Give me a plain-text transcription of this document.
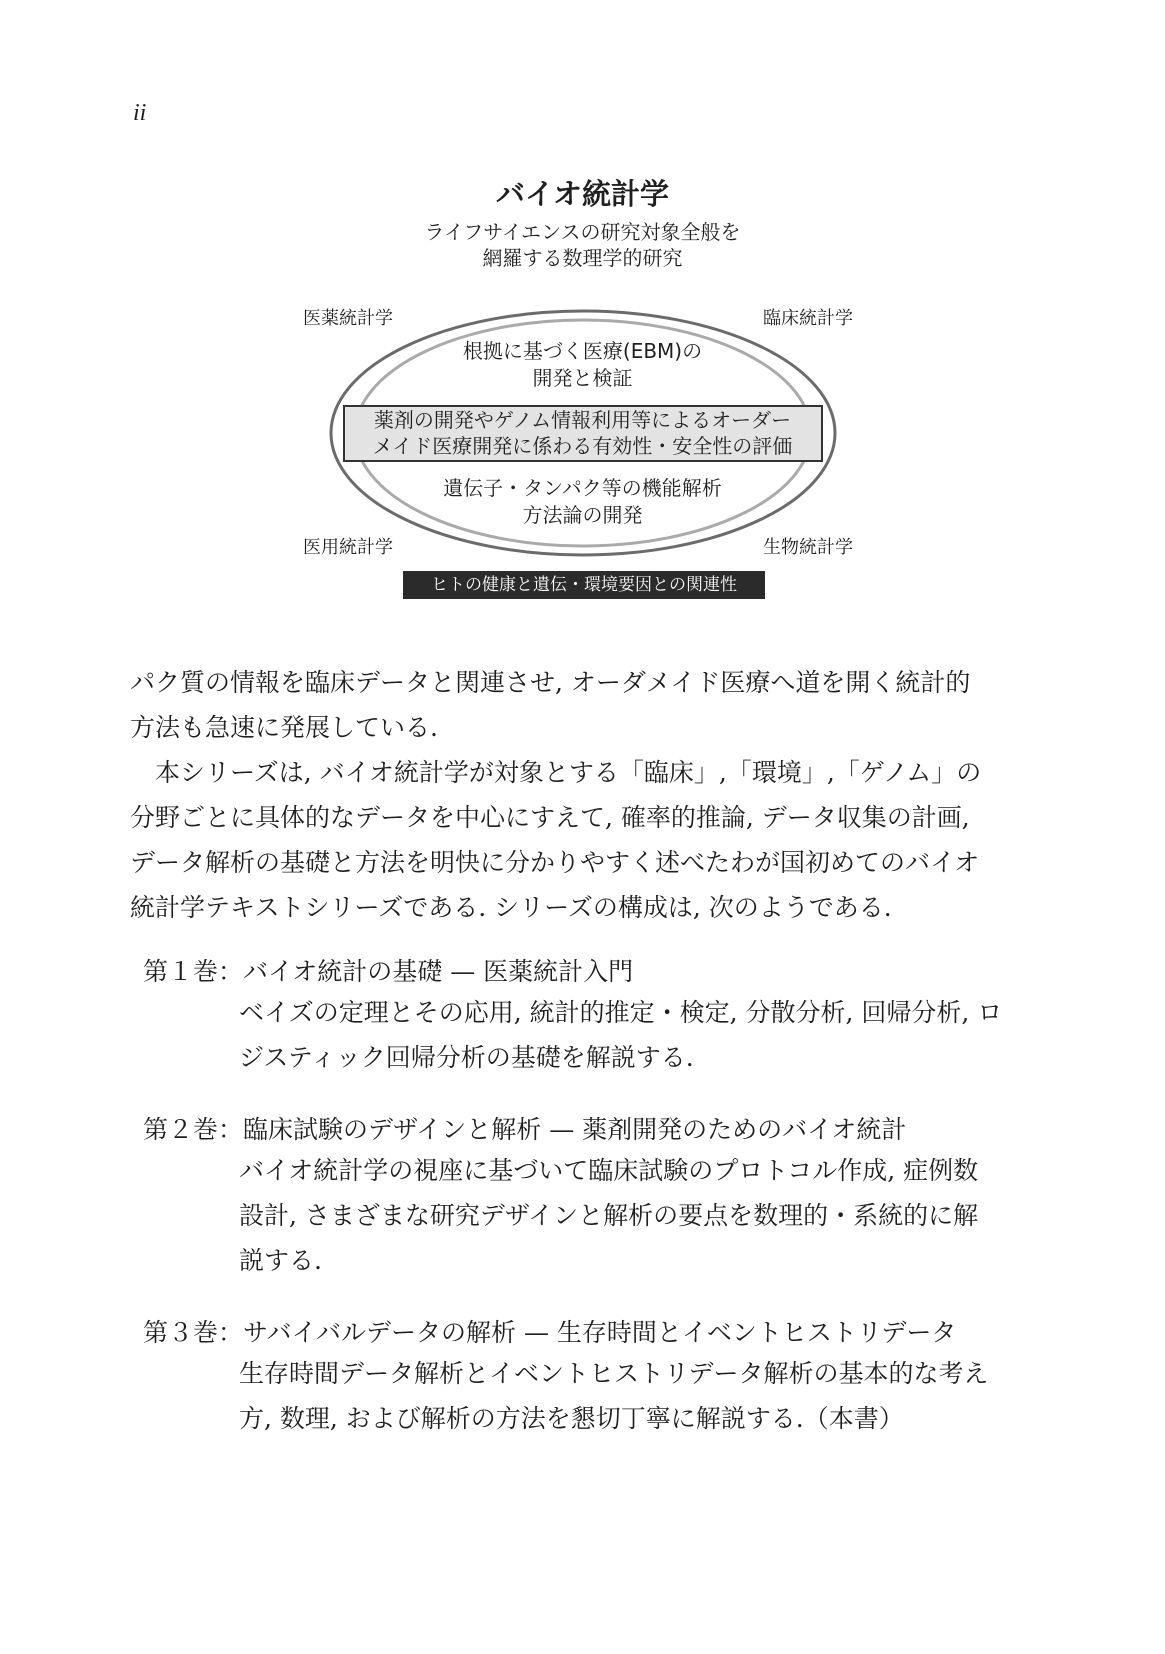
ii
バイオ統計学
ライフサイエンスの研究対象全般を
網羅する数理学的研究
医薬統計学	臨床統計学
医用統計学	生物統計学
根拠に基づく医療(EBM)の
開発と検証
薬剤の開発やゲノム情報利用等によるオーダー
メイド医療開発に係わる有効性・安全性の評価
遺伝子・タンパク等の機能解析
方法論の開発
ヒトの健康と遺伝・環境要因との関連性
パク質の情報を臨床データと関連させ, オーダメイド医療へ道を開く統計的
方法も急速に発展している.
　本シリーズは, バイオ統計学が対象とする「臨床」,「環境」,「ゲノム」の
分野ごとに具体的なデータを中心にすえて, 確率的推論, データ収集の計画,
データ解析の基礎と方法を明快に分かりやすく述べたわが国初めてのバイオ
統計学テキストシリーズである. シリーズの構成は, 次のようである.
第１巻：バイオ統計の基礎 — 医薬統計入門
ベイズの定理とその応用, 統計的推定・検定, 分散分析, 回帰分析, ロ
ジスティック回帰分析の基礎を解説する.
第２巻：臨床試験のデザインと解析 — 薬剤開発のためのバイオ統計
バイオ統計学の視座に基づいて臨床試験のプロトコル作成, 症例数
設計, さまざまな研究デザインと解析の要点を数理的・系統的に解
説する.
第３巻：サバイバルデータの解析 — 生存時間とイベントヒストリデータ
生存時間データ解析とイベントヒストリデータ解析の基本的な考え
方, 数理, および解析の方法を懇切丁寧に解説する.（本書）
